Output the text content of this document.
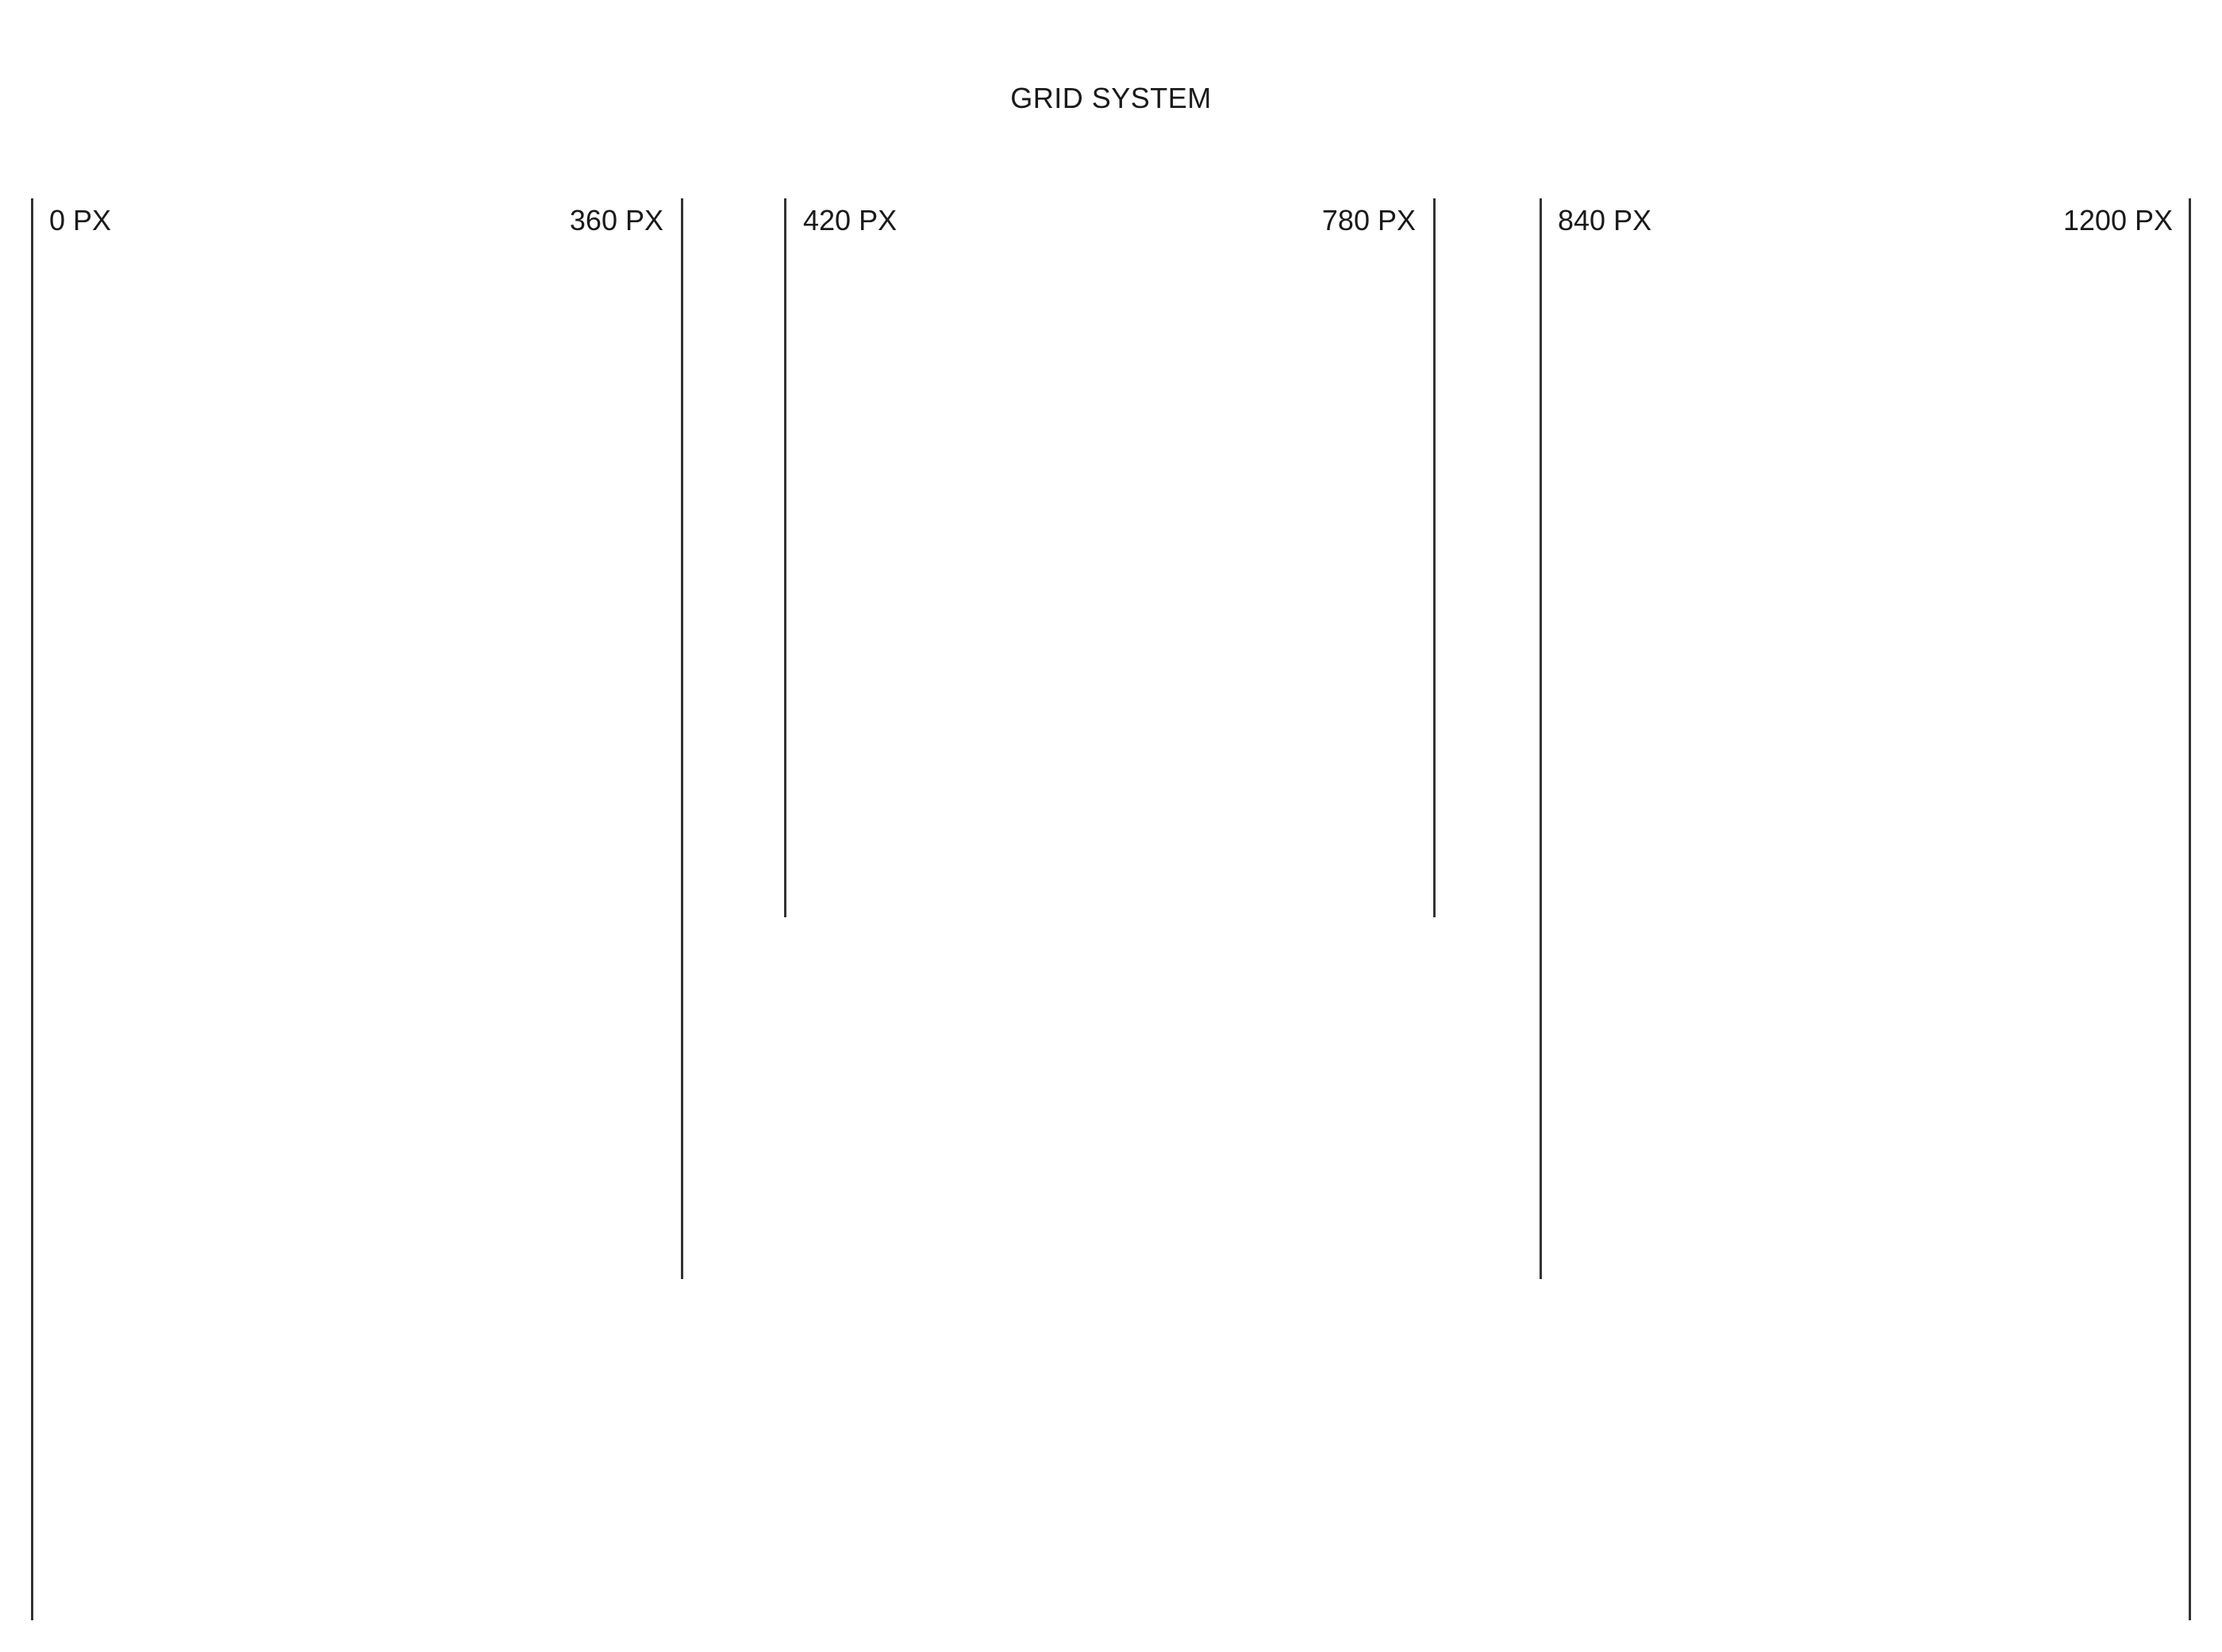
GRID SYSTEM
0 PX	360 PX	420 PX	780 PX	840 PX	1200 PX
